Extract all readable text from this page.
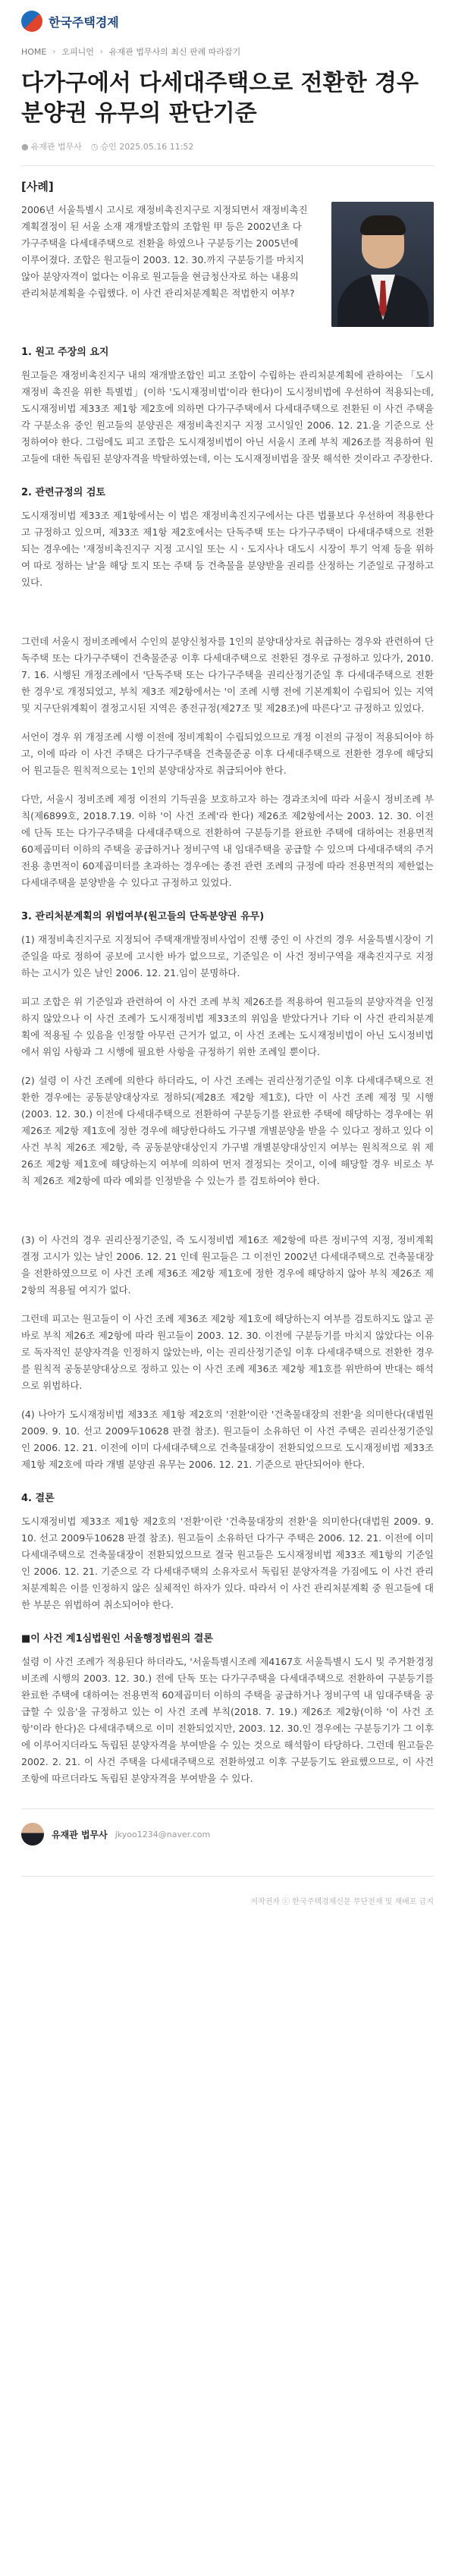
한국주택경제
HOME › 오피니언 › 유재관 법무사의 최신 판례 따라잡기
다가구에서 다세대주택으로 전환한 경우 분양권 유무의 판단기준
● 유재관 법무사 ◷ 승인 2025.05.16 11:52
[사례]
2006년 서울특별시 고시로 재정비촉진지구로 지정되면서 재정비촉진계획결정이 된 서울 소재 재개발조합의 조합원 甲 등은 2002년초 다가구주택을 다세대주택으로 전환을 하였으나 구분등기는 2005년에 이루어졌다. 조합은 원고들이 2003. 12. 30.까지 구분등기를 마치지 않아 분양자격이 없다는 이유로 원고들을 현금청산자로 하는 내용의 관리처분계획을 수립했다. 이 사건 관리처분계획은 적법한지 여부?
1. 원고 주장의 요지

원고들은 재정비촉진지구 내의 재개발조합인 피고 조합이 수립하는 관리처분계획에 관하여는 「도시재정비 촉진을 위한 특별법」(이하 '도시재정비법'이라 한다)이 도시정비법에 우선하여 적용되는데, 도시재정비법 제33조 제1항 제2호에 의하면 다가구주택에서 다세대주택으로 전환된 이 사건 주택을 각 구분소유 중인 원고들의 분양권은 재정비촉진지구 지정 고시일인 2006. 12. 21.을 기준으로 산정하여야 한다. 그럼에도 피고 조합은 도시재정비법이 아닌 서울시 조례 부칙 제26조를 적용하여 원고들에 대한 독립된 분양자격을 박탈하였는데, 이는 도시재정비법을 잘못 해석한 것이라고 주장한다.

2. 관련규정의 검토

도시재정비법 제33조 제1항에서는 이 법은 재정비촉진지구에서는 다른 법률보다 우선하여 적용한다고 규정하고 있으며, 제33조 제1항 제2호에서는 단독주택 또는 다가구주택이 다세대주택으로 전환되는 경우에는 '재정비촉진지구 지정 고시일 또는 시ㆍ도지사나 대도시 시장이 투기 억제 등을 위하여 따로 정하는 날'을 해당 토지 또는 주택 등 건축물을 분양받을 권리를 산정하는 기준일로 규정하고 있다.

그런데 서울시 정비조례에서 수인의 분양신청자를 1인의 분양대상자로 취급하는 경우와 관련하여 단독주택 또는 다가구주택이 건축물준공 이후 다세대주택으로 전환된 경우로 규정하고 있다가, 2010. 7. 16. 시행된 개정조례에서 '단독주택 또는 다가구주택을 권리산정기준일 후 다세대주택으로 전환한 경우'로 개정되었고, 부칙 제3조 제2항에서는 '이 조례 시행 전에 기본계획이 수립되어 있는 지역 및 지구단위계획이 결정고시된 지역은 종전규정(제27조 및 제28조)에 따른다'고 규정하고 있었다.

서언이 경우 위 개정조례 시행 이전에 정비계획이 수립되었으므로 개정 이전의 규정이 적용되어야 하고, 이에 따라 이 사건 주택은 다가구주택을 건축물준공 이후 다세대주택으로 전환한 경우에 해당되어 원고들은 원칙적으로는 1인의 분양대상자로 취급되어야 한다.

다만, 서울시 정비조례 제정 이전의 기득권을 보호하고자 하는 경과조치에 따라 서울시 정비조례 부칙(제6899호, 2018.7.19. 이하 '이 사건 조례'라 한다) 제26조 제2항에서는 2003. 12. 30. 이전에 단독 또는 다가구주택을 다세대주택으로 전환하여 구분등기를 완료한 주택에 대하여는 전용면적 60제곱미터 이하의 주택을 공급하거나 정비구역 내 임대주택을 공급할 수 있으며 다세대주택의 주거전용 총면적이 60제곱미터를 초과하는 경우에는 종전 관련 조례의 규정에 따라 전용면적의 제한없는 다세대주택을 분양받을 수 있다고 규정하고 있었다.

3. 관리처분계획의 위법여부(원고들의 단독분양권 유무)

(1) 재정비촉진지구로 지정되어 주택재개발정비사업이 진행 중인 이 사건의 경우 서울특별시장이 기준일을 따로 정하여 공보에 고시한 바가 없으므로, 기준일은 이 사건 정비구역을 재촉진지구로 지정하는 고시가 있은 날인 2006. 12. 21.임이 분명하다.

피고 조합은 위 기준일과 관련하여 이 사건 조례 부칙 제26조를 적용하여 원고들의 분양자격을 인정하지 않았으나 이 사건 조례가 도시재정비법 제33조의 위임을 받았다거나 기타 이 사건 관리처분계획에 적용될 수 있음을 인정할 아무런 근거가 없고, 이 사건 조례는 도시재정비법이 아닌 도시정비법에서 위임 사항과 그 시행에 필요한 사항을 규정하기 위한 조례일 뿐이다.

(2) 설령 이 사건 조례에 의한다 하더라도, 이 사건 조례는 권리산정기준일 이후 다세대주택으로 전환한 경우에는 공동분양대상자로 정하되(제28조 제2항 제1호), 다만 이 사건 조례 제정 및 시행(2003. 12. 30.) 이전에 다세대주택으로 전환하여 구분등기를 완료한 주택에 해당하는 경우에는 위 제26조 제2항 제1호에 정한 경우에 해당한다하도 가구별 개별분양을 받을 수 있다고 정하고 있다 이 사건 부칙 제26조 제2항, 즉 공동분양대상인지 가구별 개별분양대상인지 여부는 원칙적으로 위 제26조 제2항 제1호에 해당하는지 여부에 의하여 먼저 결정되는 것이고, 이에 해당할 경우 비로소 부칙 제26조 제2항에 따라 예외를 인정받을 수 있는가 를 검토하여야 한다.

(3) 이 사건의 경우 권리산정기준일, 즉 도시정비법 제16조 제2항에 따른 정비구역 지정, 정비계획 결정 고시가 있는 날인 2006. 12. 21 인데 원고들은 그 이전인 2002년 다세대주택으로 건축물대장을 전환하였으므로 이 사건 조례 제36조 제2항 제1호에 정한 경우에 해당하지 않아 부칙 제26조 제2항의 적용될 여지가 없다.

그런데 피고는 원고들이 이 사건 조례 제36조 제2항 제1호에 해당하는지 여부를 검토하지도 않고 곧바로 부칙 제26조 제2항에 따라 원고들이 2003. 12. 30. 이전에 구분등기를 마치지 않았다는 이유로 독자적인 분양자격을 인정하지 않았는바, 이는 권리산정기준일 이후 다세대주택으로 전환한 경우를 원칙적 공동분양대상으로 정하고 있는 이 사건 조례 제36조 제2항 제1호를 위반하여 반대는 해석으로 위법하다.

(4) 나아가 도시재정비법 제33조 제1항 제2호의 '전환'이란 '건축물대장의 전환'을 의미한다(대법원 2009. 9. 10. 선고 2009두10628 판결 참조). 원고들이 소유하던 이 사건 주택은 권리산정기준일인 2006. 12. 21. 이전에 이미 다세대주택으로 건축물대장이 전환되었으므로 도시재정비법 제33조 제1항 제2호에 따라 개별 분양권 유무는 2006. 12. 21. 기준으로 판단되어야 한다.

4. 결론

도시재정비법 제33조 제1항 제2호의 '전환'이란 '건축물대장의 전환'을 의미한다(대법원 2009. 9. 10. 선고 2009두10628 판결 참조). 원고들이 소유하던 다가구 주택은 2006. 12. 21. 이전에 이미 다세대주택으로 건축물대장이 전환되었으므로 결국 원고들은 도시재정비법 제33조 제1항의 기준일인 2006. 12. 21. 기준으로 각 다세대주택의 소유자로서 독립된 분양자격을 가짐에도 이 사건 관리처분계획은 이를 인정하지 않은 실체적인 하자가 있다. 따라서 이 사건 관리처분계획 중 원고들에 대한 부분은 위법하여 취소되어야 한다.

■이 사건 계1심법원인 서울행정법원의 결론

설령 이 사건 조례가 적용된다 하더라도, '서울특별시조례 제4167호 서울특별시 도시 및 주거환경정비조례 시행의 2003. 12. 30.) 전에 단독 또는 다가구주택을 다세대주택으로 전환하여 구분등기를 완료한 주택에 대하여는 전용면적 60제곱미터 이하의 주택을 공급하거나 정비구역 내 임대주택을 공급할 수 있음'을 규정하고 있는 이 사건 조례 부칙(2018. 7. 19.) 제26조 제2항(이하 '이 사건 조항'이라 한다)은 다세대주택으로 이미 전환되었지만, 2003. 12. 30.인 경우에는 구분등기가 그 이후에 이루어지더라도 독립된 분양자격을 부여받을 수 있는 것으로 해석함이 타당하다. 그런데 원고들은 2002. 2. 21. 이 사건 주택을 다세대주택으로 전환하였고 이후 구분등기도 완료했으므로, 이 사건 조항에 따르더라도 독립된 분양자격을 부여받을 수 있다.

유재관 법무사 jkyoo1234@naver.com
저작권자 ⓒ 한국주택경제신문 무단전재 및 재배포 금지
